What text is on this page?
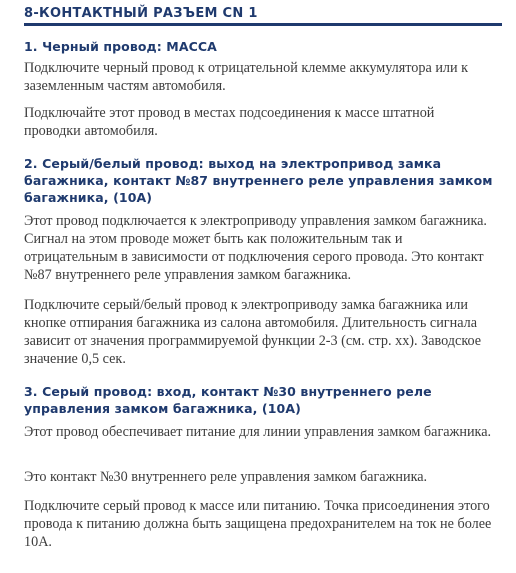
8-КОНТАКТНЫЙ РАЗЪЕМ CN 1
1. Черный провод: МАССА
Подключите черный провод к отрицательной клемме аккумулятора или к заземленным частям автомобиля.
Подключайте этот провод в местах подсоединения к массе штатной проводки автомобиля.
2. Серый/белый провод: выход на электропривод замка багажника, контакт №87 внутреннего реле управления замком багажника, (10А)
Этот провод подключается к электроприводу управления замком багажника. Сигнал на этом проводе может быть как положительным так и отрицательным в зависимости от подключения серого провода. Это контакт №87 внутреннего реле управления замком багажника.
Подключите серый/белый провод к электроприводу замка багажника или кнопке отпирания багажника из салона автомобиля. Длительность сигнала зависит от значения программируемой функции 2-3 (см. стр. хх). Заводское значение 0,5 сек.
3. Серый провод: вход, контакт №30 внутреннего реле управления замком багажника, (10А)
Этот провод обеспечивает питание для линии управления замком багажника.
Это контакт №30 внутреннего реле управления замком багажника.
Подключите серый провод к массе или питанию. Точка присоединения этого провода к питанию должна быть защищена предохранителем на ток не более 10А.
